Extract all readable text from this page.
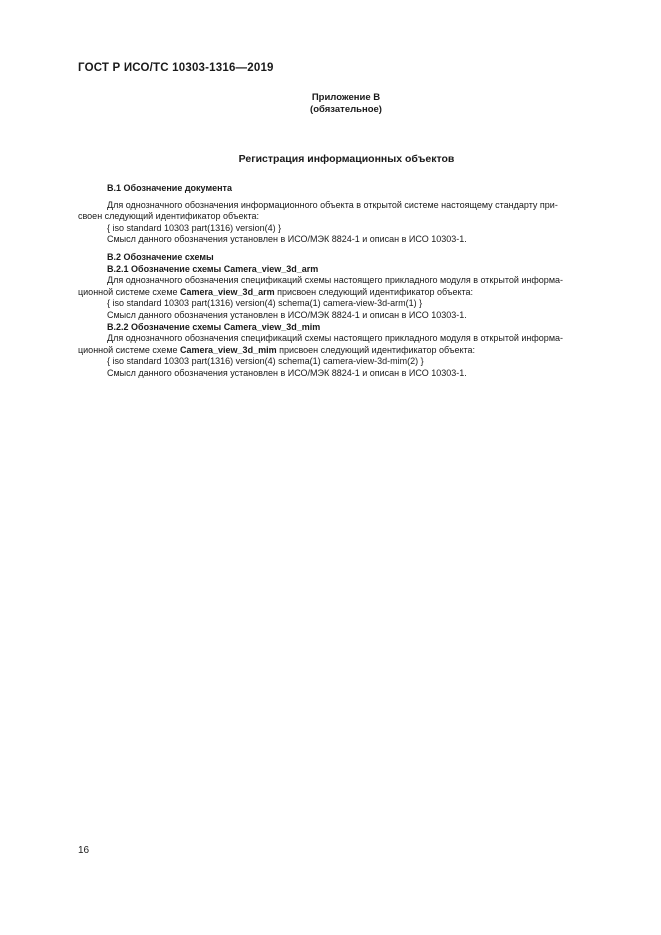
ГОСТ Р ИСО/ТС 10303-1316—2019
Приложение В
(обязательное)
Регистрация информационных объектов
В.1 Обозначение документа
Для однозначного обозначения информационного объекта в открытой системе настоящему стандарту при-
своен следующий идентификатор объекта:
{ iso standard 10303 part(1316) version(4) }
Смысл данного обозначения установлен в ИСО/МЭК 8824-1 и описан в ИСО 10303-1.
В.2 Обозначение схемы
В.2.1 Обозначение схемы Camera_view_3d_arm
Для однозначного обозначения спецификаций схемы настоящего прикладного модуля в открытой информа-
ционной системе схеме Camera_view_3d_arm присвоен следующий идентификатор объекта:
{ iso standard 10303 part(1316) version(4) schema(1) camera-view-3d-arm(1) }
Смысл данного обозначения установлен в ИСО/МЭК 8824-1 и описан в ИСО 10303-1.
В.2.2 Обозначение схемы Camera_view_3d_mim
Для однозначного обозначения спецификаций схемы настоящего прикладного модуля в открытой информа-
ционной системе схеме Camera_view_3d_mim присвоен следующий идентификатор объекта:
{ iso standard 10303 part(1316) version(4) schema(1) camera-view-3d-mim(2) }
Смысл данного обозначения установлен в ИСО/МЭК 8824-1 и описан в ИСО 10303-1.
16
